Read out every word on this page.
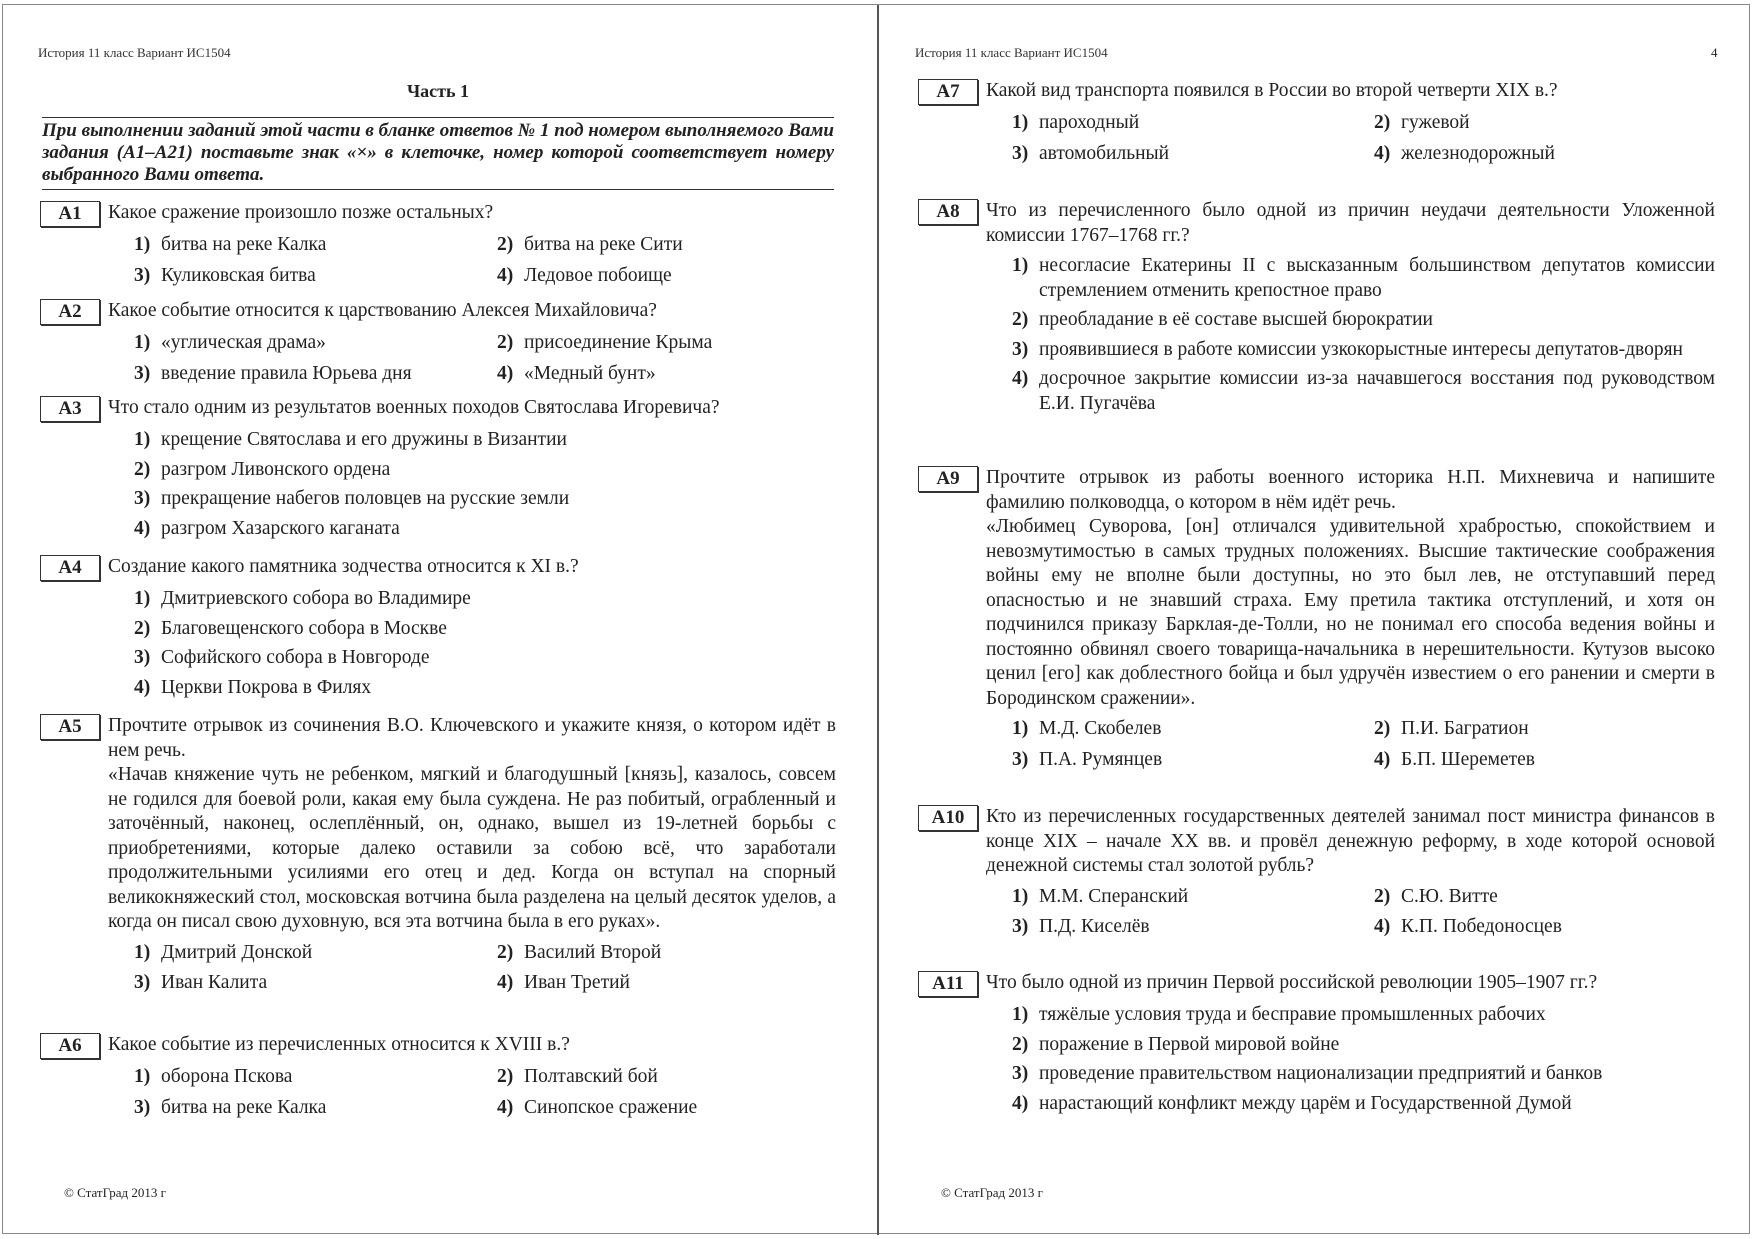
История 11 класс Вариант ИС1504
Часть 1
При выполнении заданий этой части в бланке ответов № 1 под номером выполняемого Вами задания (А1–А21) поставьте знак «×» в клеточке, номер которой соответствует номеру выбранного Вами ответа.
А1	Какое сражение произошло позже остальных?
1) битва на реке Калка	2) битва на реке Сити
3) Куликовская битва	4) Ледовое побоище
А2	Какое событие относится к царствованию Алексея Михайловича?
1) «углическая драма»	2) присоединение Крыма
3) введение правила Юрьева дня	4) «Медный бунт»
А3	Что стало одним из результатов военных походов Святослава Игоревича?
1) крещение Святослава и его дружины в Византии
2) разгром Ливонского ордена
3) прекращение набегов половцев на русские земли
4) разгром Хазарского каганата
А4	Создание какого памятника зодчества относится к XI в.?
1) Дмитриевского собора во Владимире
2) Благовещенского собора в Москве
3) Софийского собора в Новгороде
4) Церкви Покрова в Филях
А5	Прочтите отрывок из сочинения В.О. Ключевского и укажите князя, о котором идёт в нем речь.
«Начав княжение чуть не ребенком, мягкий и благодушный [князь], казалось, совсем не годился для боевой роли, какая ему была суждена. Не раз побитый, ограбленный и заточённый, наконец, ослеплённый, он, однако, вышел из 19-летней борьбы с приобретениями, которые далеко оставили за собою всё, что заработали продолжительными усилиями его отец и дед. Когда он вступал на спорный великокняжеский стол, московская вотчина была разделена на целый десяток уделов, а когда он писал свою духовную, вся эта вотчина была в его руках».
1) Дмитрий Донской	2) Василий Второй
3) Иван Калита	4) Иван Третий
А6	Какое событие из перечисленных относится к XVIII в.?
1) оборона Пскова	2) Полтавский бой
3) битва на реке Калка	4) Синопское сражение
© СтатГрад 2013 г
История 11 класс Вариант ИС1504	4
А7	Какой вид транспорта появился в России во второй четверти XIX в.?
1) пароходный	2) гужевой
3) автомобильный	4) железнодорожный
А8	Что из перечисленного было одной из причин неудачи деятельности Уложенной комиссии 1767–1768 гг.?
1) несогласие Екатерины II с высказанным большинством депутатов комиссии стремлением отменить крепостное право
2) преобладание в её составе высшей бюрократии
3) проявившиеся в работе комиссии узкокорыстные интересы депутатов-дворян
4) досрочное закрытие комиссии из-за начавшегося восстания под руководством Е.И. Пугачёва
А9	Прочтите отрывок из работы военного историка Н.П. Михневича и напишите фамилию полководца, о котором в нём идёт речь.
«Любимец Суворова, [он] отличался удивительной храбростью, спокойствием и невозмутимостью в самых трудных положениях. Высшие тактические соображения войны ему не вполне были доступны, но это был лев, не отступавший перед опасностью и не знавший страха. Ему претила тактика отступлений, и хотя он подчинился приказу Барклая-де-Толли, но не понимал его способа ведения войны и постоянно обвинял своего товарища-начальника в нерешительности. Кутузов высоко ценил [его] как доблестного бойца и был удручён известием о его ранении и смерти в Бородинском сражении».
1) М.Д. Скобелев	2) П.И. Багратион
3) П.А. Румянцев	4) Б.П. Шереметев
А10	Кто из перечисленных государственных деятелей занимал пост министра финансов в конце XIX – начале XX вв. и провёл денежную реформу, в ходе которой основой денежной системы стал золотой рубль?
1) М.М. Сперанский	2) С.Ю. Витте
3) П.Д. Киселёв	4) К.П. Победоносцев
А11	Что было одной из причин Первой российской революции 1905–1907 гг.?
1) тяжёлые условия труда и бесправие промышленных рабочих
2) поражение в Первой мировой войне
3) проведение правительством национализации предприятий и банков
4) нарастающий конфликт между царём и Государственной Думой
© СтатГрад 2013 г
